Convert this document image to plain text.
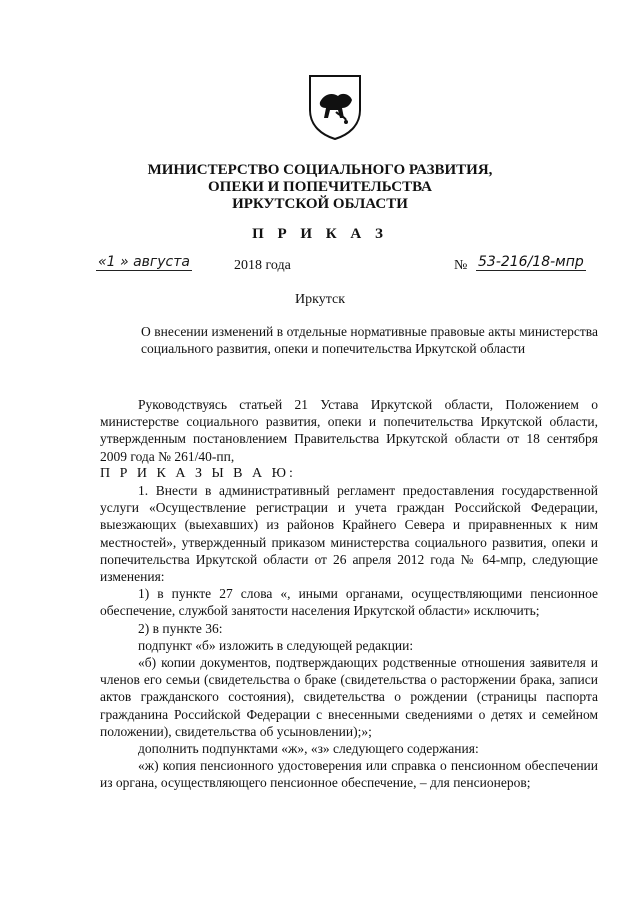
МИНИСТЕРСТВО СОЦИАЛЬНОГО РАЗВИТИЯ,
ОПЕКИ И ПОПЕЧИТЕЛЬСТВА
ИРКУТСКОЙ ОБЛАСТИ
П Р И К А З
«1 » августа	2018 года	№ 53-216/18-мпр
Иркутск
О внесении изменений в отдельные нормативные правовые акты министерства социального развития, опеки и попечительства Иркутской области

Руководствуясь статьей 21 Устава Иркутской области, Положением о министерстве социального развития, опеки и попечительства Иркутской области, утвержденным постановлением Правительства Иркутской области от 18 сентября 2009 года № 261/40-пп,

П Р И К А З Ы В А Ю:

1. Внести в административный регламент предоставления государственной услуги «Осуществление регистрации и учета граждан Российской Федерации, выезжающих (выехавших) из районов Крайнего Севера и приравненных к ним местностей», утвержденный приказом министерства социального развития, опеки и попечительства Иркутской области от 26 апреля 2012 года № 64-мпр, следующие изменения:

1) в пункте 27 слова «, иными органами, осуществляющими пенсионное обеспечение, службой занятости населения Иркутской области» исключить;

2) в пункте 36:

подпункт «б» изложить в следующей редакции:

«б) копии документов, подтверждающих родственные отношения заявителя и членов его семьи (свидетельства о браке (свидетельства о расторжении брака, записи актов гражданского состояния), свидетельства о рождении (страницы паспорта гражданина Российской Федерации с внесенными сведениями о детях и семейном положении), свидетельства об усыновлении);»;

дополнить подпунктами «ж», «з» следующего содержания:

«ж) копия пенсионного удостоверения или справка о пенсионном обеспечении из органа, осуществляющего пенсионное обеспечение, – для пенсионеров;
